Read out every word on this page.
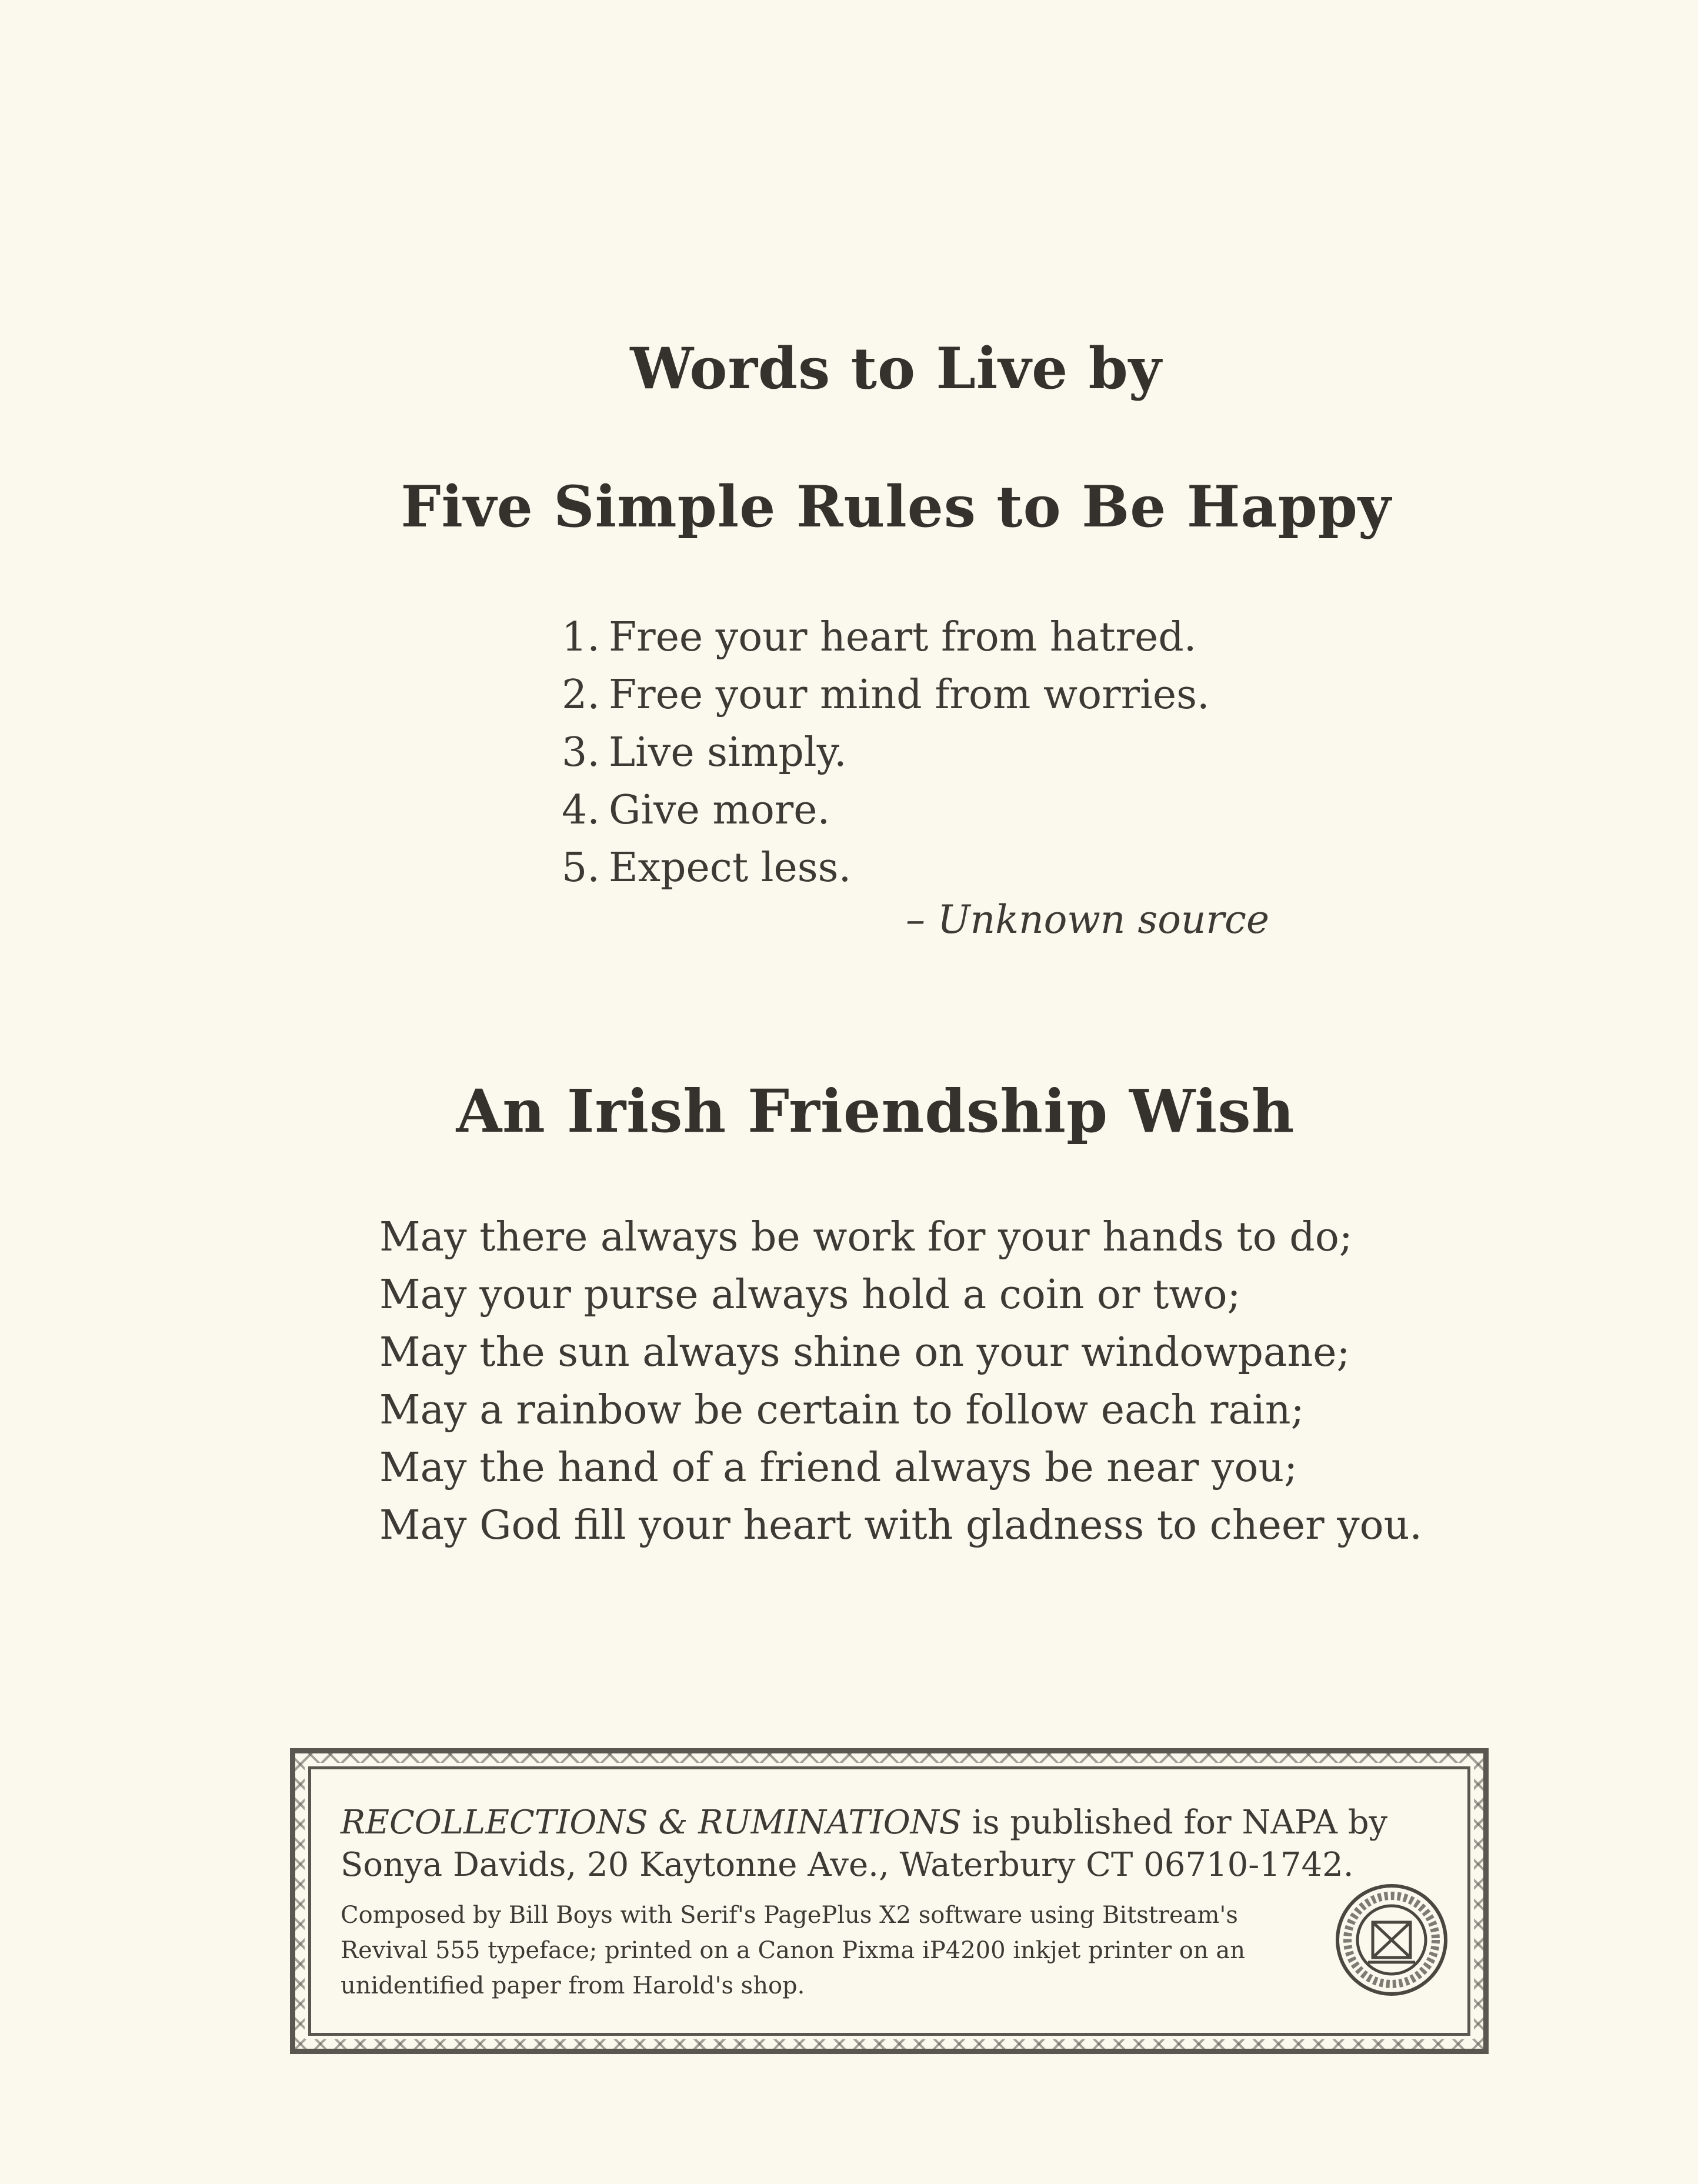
Words to Live by
Five Simple Rules to Be Happy
1. Free your heart from hatred.
2. Free your mind from worries.
3. Live simply.
4. Give more.
5. Expect less.
– Unknown source
An Irish Friendship Wish
May there always be work for your hands to do;
May your purse always hold a coin or two;
May the sun always shine on your windowpane;
May a rainbow be certain to follow each rain;
May the hand of a friend always be near you;
May God fill your heart with gladness to cheer you.
RECOLLECTIONS & RUMINATIONS is published for NAPA by
Sonya Davids, 20 Kaytonne Ave., Waterbury CT 06710-1742.
Composed by Bill Boys with Serif's PagePlus X2 software using Bitstream's Revival 555 typeface; printed on a Canon Pixma iP4200 inkjet printer on an unidentified paper from Harold's shop.
